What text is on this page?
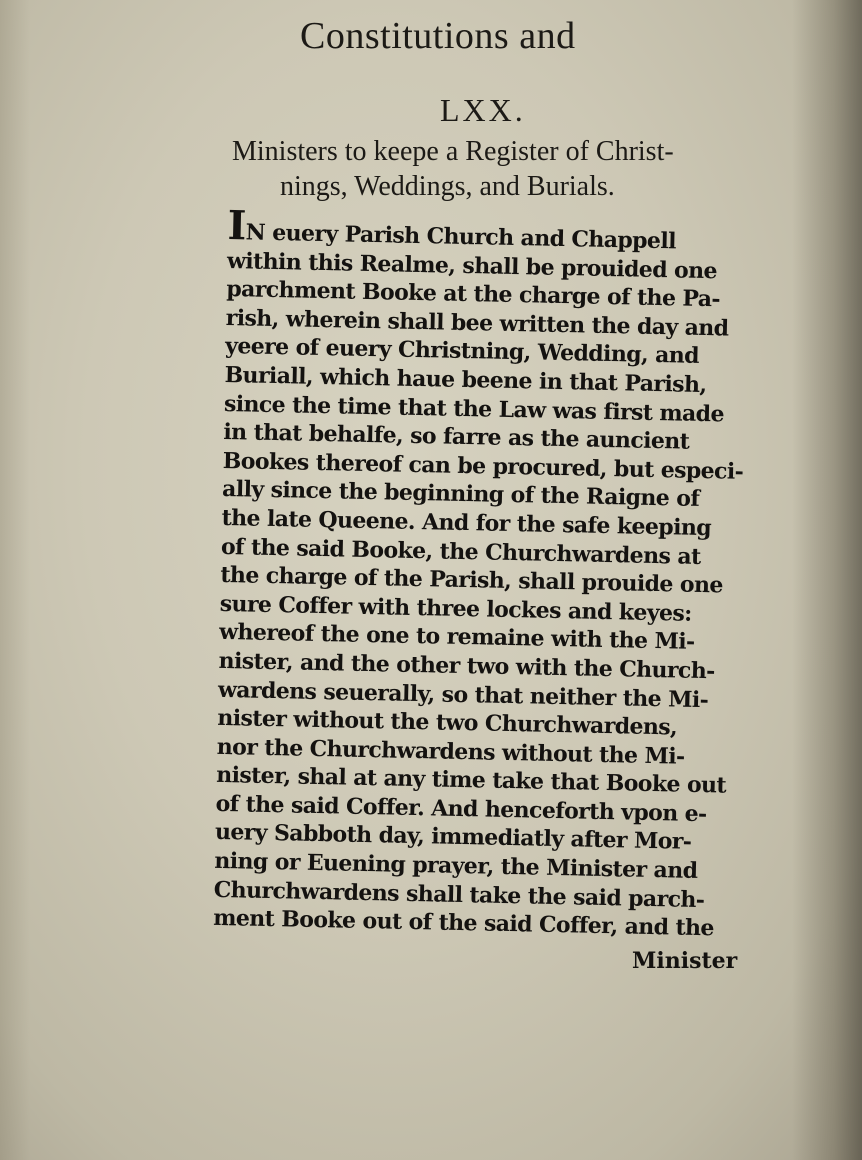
Constitutions and
LXX.
Ministers to keepe a Register of Christ-
nings, Weddings, and Burials.
IN euery Parish Church and Chappell
within this Realme, shall be prouided one
parchment Booke at the charge of the Pa-
rish, wherein shall bee written the day and
yeere of euery Christning, Wedding, and
Buriall, which haue beene in that Parish,
since the time that the Law was first made
in that behalfe, so farre as the auncient
Bookes thereof can be procured, but especi-
ally since the beginning of the Raigne of
the late Queene. And for the safe keeping
of the said Booke, the Churchwardens at
the charge of the Parish, shall prouide one
sure Coffer with three lockes and keyes:
whereof the one to remaine with the Mi-
nister, and the other two with the Church-
wardens seuerally, so that neither the Mi-
nister without the two Churchwardens,
nor the Churchwardens without the Mi-
nister, shal at any time take that Booke out
of the said Coffer. And henceforth vpon e-
uery Sabboth day, immediatly after Mor-
ning or Euening prayer, the Minister and
Churchwardens shall take the said parch-
ment Booke out of the said Coffer, and the
Minister
